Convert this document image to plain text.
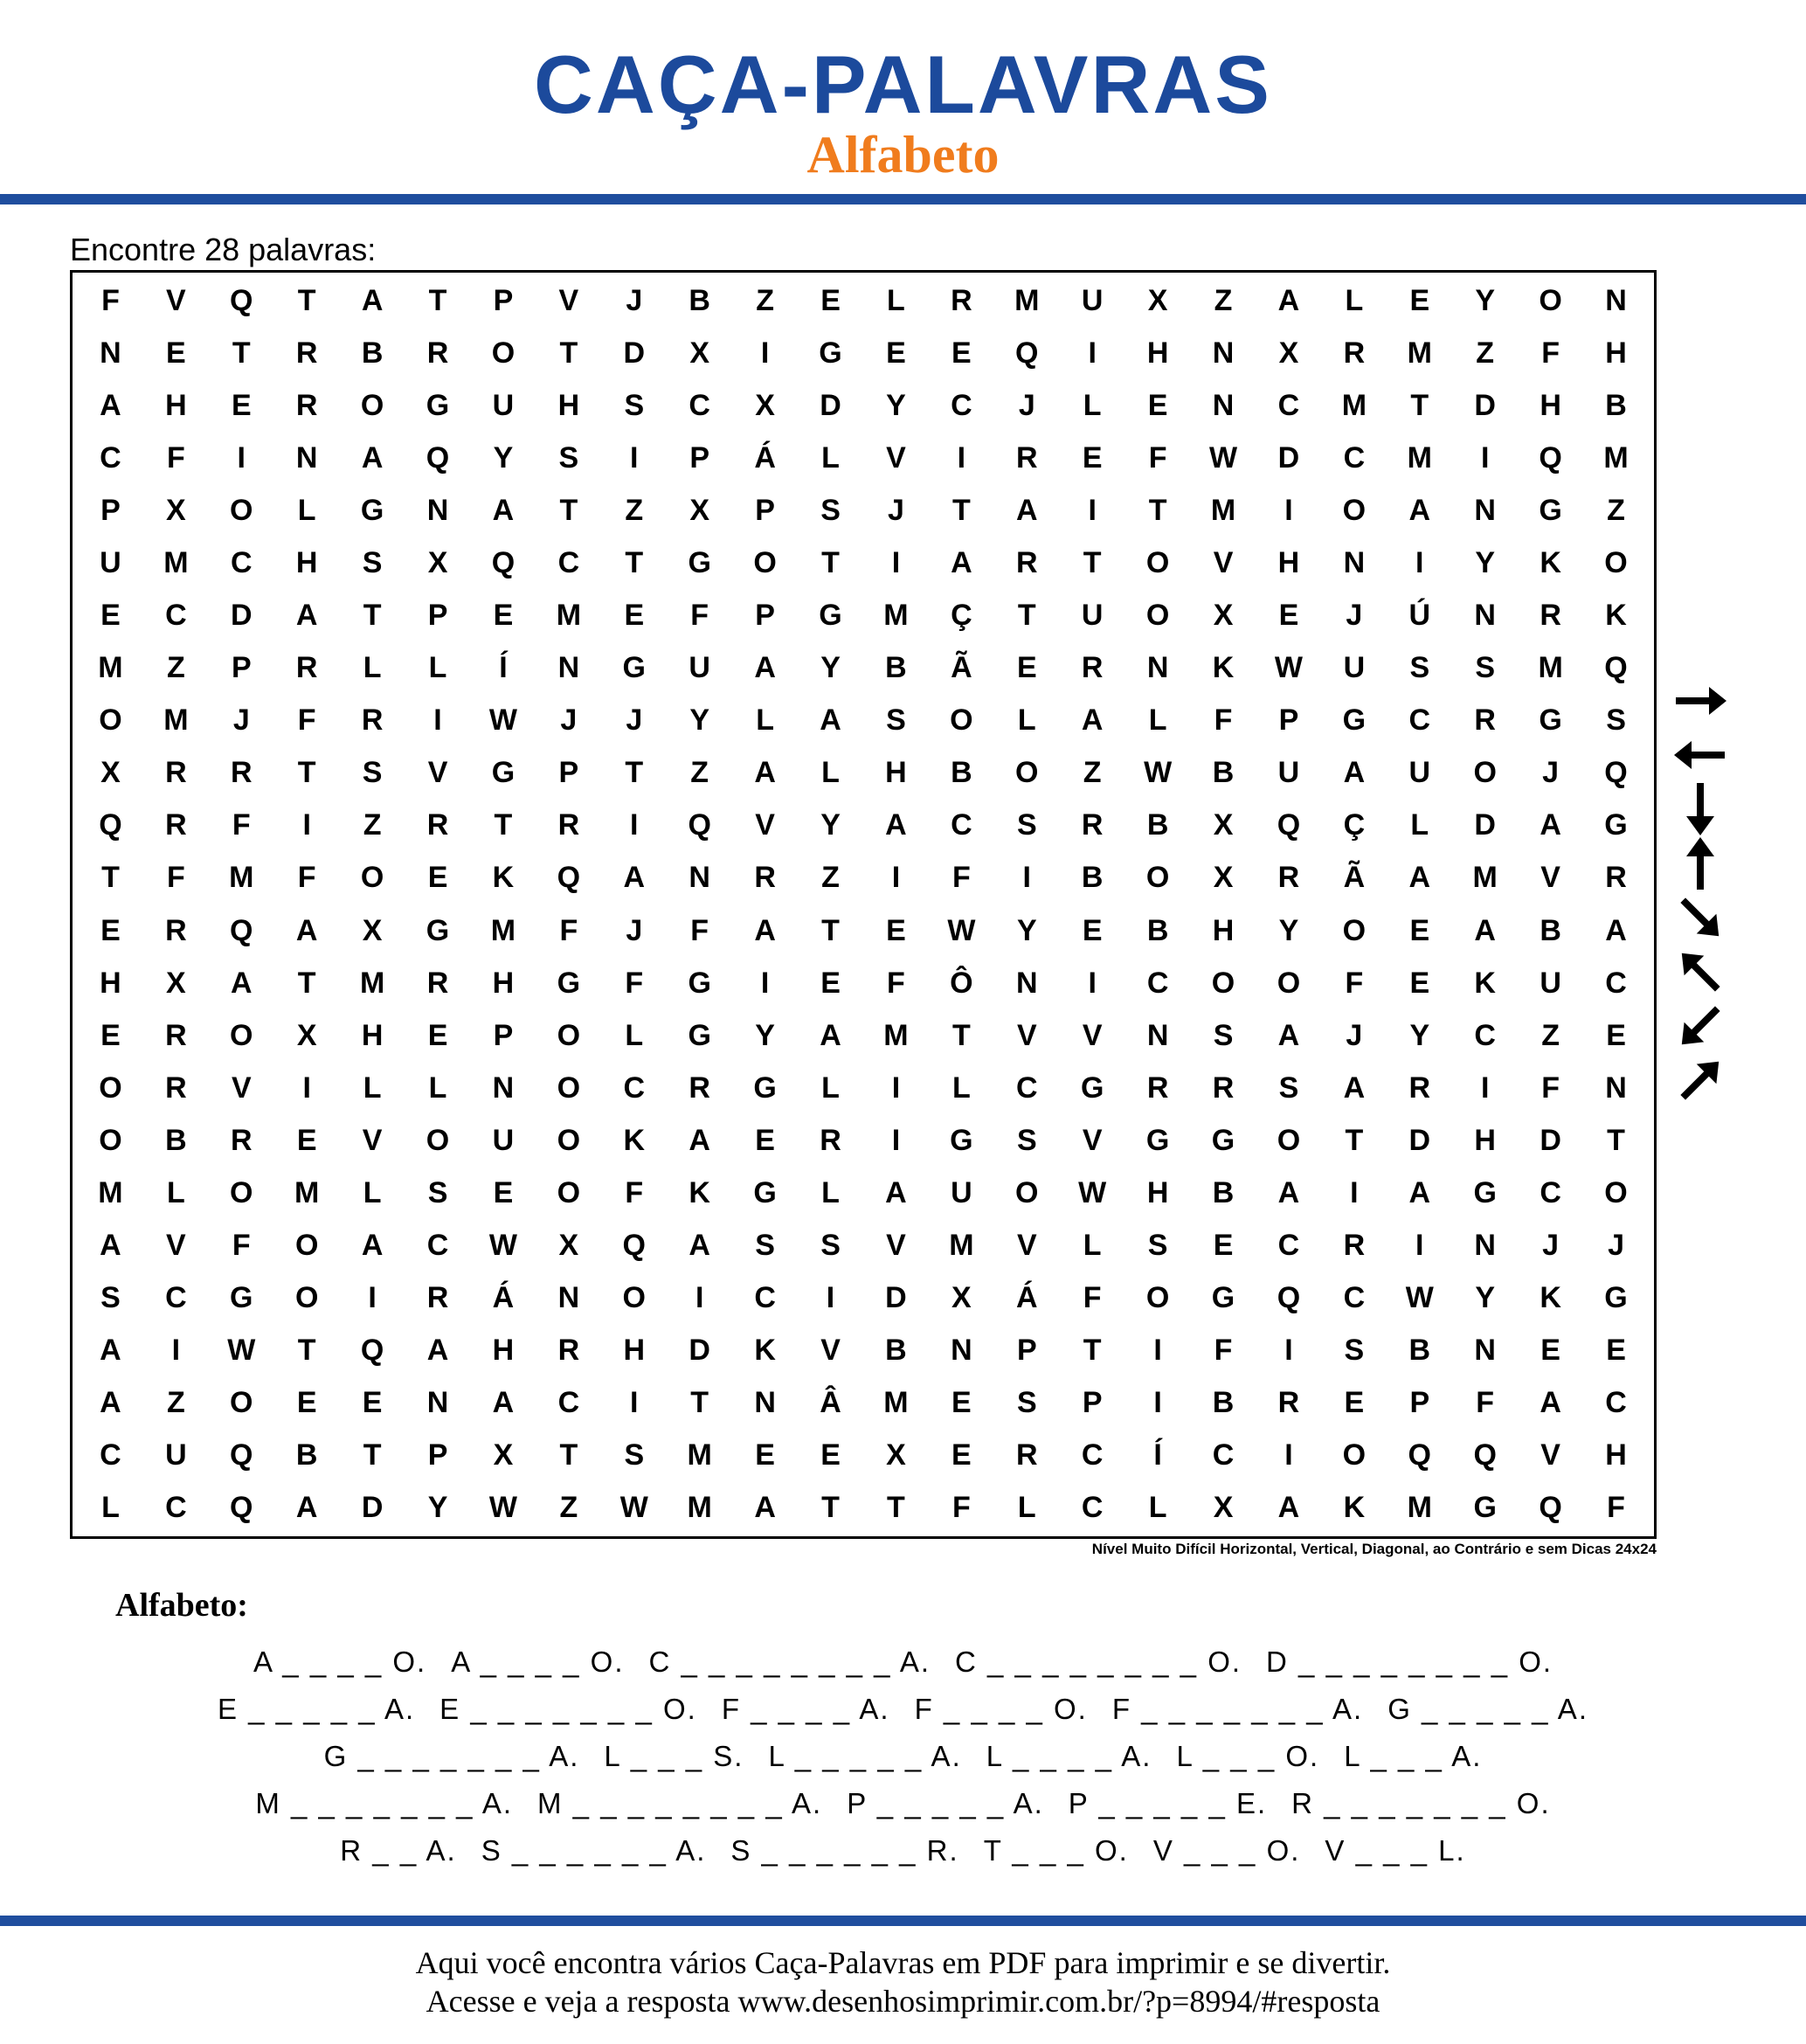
CAÇA-PALAVRAS
Alfabeto
Encontre 28 palavras:
F	V	Q	T	A	T	P	V	J	B	Z	E	L	R	M	U	X	Z	A	L	E	Y	O	N
N	E	T	R	B	R	O	T	D	X	I	G	E	E	Q	I	H	N	X	R	M	Z	F	H
A	H	E	R	O	G	U	H	S	C	X	D	Y	C	J	L	E	N	C	M	T	D	H	B
C	F	I	N	A	Q	Y	S	I	P	Á	L	V	I	R	E	F	W	D	C	M	I	Q	M
P	X	O	L	G	N	A	T	Z	X	P	S	J	T	A	I	T	M	I	O	A	N	G	Z
U	M	C	H	S	X	Q	C	T	G	O	T	I	A	R	T	O	V	H	N	I	Y	K	O
E	C	D	A	T	P	E	M	E	F	P	G	M	Ç	T	U	O	X	E	J	Ú	N	R	K
M	Z	P	R	L	L	Í	N	G	U	A	Y	B	Ã	E	R	N	K	W	U	S	S	M	Q
O	M	J	F	R	I	W	J	J	Y	L	A	S	O	L	A	L	F	P	G	C	R	G	S
X	R	R	T	S	V	G	P	T	Z	A	L	H	B	O	Z	W	B	U	A	U	O	J	Q
Q	R	F	I	Z	R	T	R	I	Q	V	Y	A	C	S	R	B	X	Q	Ç	L	D	A	G
T	F	M	F	O	E	K	Q	A	N	R	Z	I	F	I	B	O	X	R	Ã	A	M	V	R
E	R	Q	A	X	G	M	F	J	F	A	T	E	W	Y	E	B	H	Y	O	E	A	B	A
H	X	A	T	M	R	H	G	F	G	I	E	F	Ô	N	I	C	O	O	F	E	K	U	C
E	R	O	X	H	E	P	O	L	G	Y	A	M	T	V	V	N	S	A	J	Y	C	Z	E
O	R	V	I	L	L	N	O	C	R	G	L	I	L	C	G	R	R	S	A	R	I	F	N
O	B	R	E	V	O	U	O	K	A	E	R	I	G	S	V	G	G	O	T	D	H	D	T
M	L	O	M	L	S	E	O	F	K	G	L	A	U	O	W	H	B	A	I	A	G	C	O
A	V	F	O	A	C	W	X	Q	A	S	S	V	M	V	L	S	E	C	R	I	N	J	J
S	C	G	O	I	R	Á	N	O	I	C	I	D	X	Á	F	O	G	Q	C	W	Y	K	G
A	I	W	T	Q	A	H	R	H	D	K	V	B	N	P	T	I	F	I	S	B	N	E	E
A	Z	O	E	E	N	A	C	I	T	N	Â	M	E	S	P	I	B	R	E	P	F	A	C
C	U	Q	B	T	P	X	T	S	M	E	E	X	E	R	C	Í	C	I	O	Q	Q	V	H
L	C	Q	A	D	Y	W	Z	W	M	A	T	T	F	L	C	L	X	A	K	M	G	Q	F
Nível Muito Difícil Horizontal, Vertical, Diagonal, ao Contrário e sem Dicas 24x24
Alfabeto:
A _ _ _ _ O. A _ _ _ _ O. C _ _ _ _ _ _ _ _ A. C _ _ _ _ _ _ _ _ O. D _ _ _ _ _ _ _ _ O.
E _ _ _ _ _ A. E _ _ _ _ _ _ _ O. F _ _ _ _ A. F _ _ _ _ O. F _ _ _ _ _ _ _ A. G _ _ _ _ _ A.
G _ _ _ _ _ _ _ A. L _ _ _ S. L _ _ _ _ _ A. L _ _ _ _ A. L _ _ _ O. L _ _ _ A.
M _ _ _ _ _ _ _ A. M _ _ _ _ _ _ _ _ A. P _ _ _ _ _ A. P _ _ _ _ _ E. R _ _ _ _ _ _ _ O.
R _ _ A. S _ _ _ _ _ _ A. S _ _ _ _ _ _ R. T _ _ _ O. V _ _ _ O. V _ _ _ L.
Aqui você encontra vários Caça-Palavras em PDF para imprimir e se divertir.
Acesse e veja a resposta www.desenhosimprimir.com.br/?p=8994/#resposta
